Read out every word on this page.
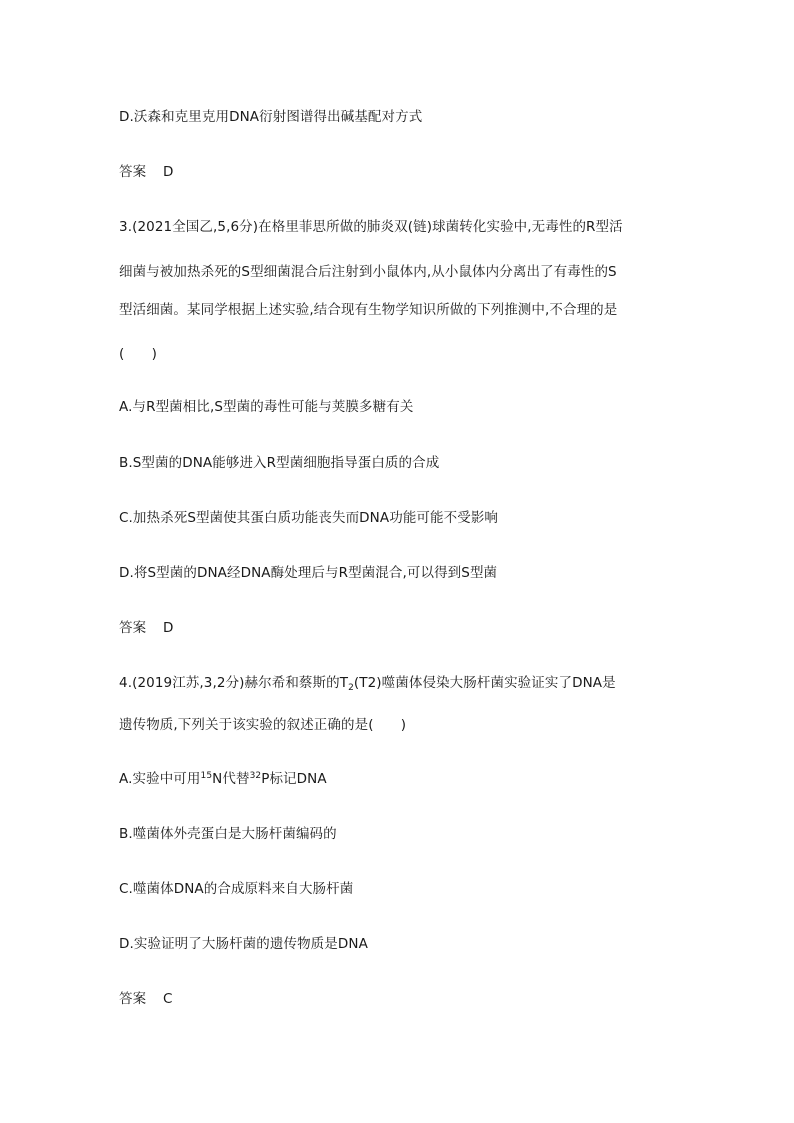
D.沃森和克里克用DNA衍射图谱得出碱基配对方式
答案 D
3.(2021全国乙,5,6分)在格里菲思所做的肺炎双(链)球菌转化实验中,无毒性的R型活
细菌与被加热杀死的S型细菌混合后注射到小鼠体内,从小鼠体内分离出了有毒性的S
型活细菌。某同学根据上述实验,结合现有生物学知识所做的下列推测中,不合理的是
(　　)
A.与R型菌相比,S型菌的毒性可能与荚膜多糖有关
B.S型菌的DNA能够进入R型菌细胞指导蛋白质的合成
C.加热杀死S型菌使其蛋白质功能丧失而DNA功能可能不受影响
D.将S型菌的DNA经DNA酶处理后与R型菌混合,可以得到S型菌
答案 D
4.(2019江苏,3,2分)赫尔希和蔡斯的$T_2(T2)$噬菌体侵染大肠杆菌实验证实了DNA是
遗传物质,下列关于该实验的叙述正确的是(　　)
A.实验中可用$^{15}$N代替$^{32}$P标记DNA
B.噬菌体外壳蛋白是大肠杆菌编码的
C.噬菌体DNA的合成原料来自大肠杆菌
D.实验证明了大肠杆菌的遗传物质是DNA
答案 C
